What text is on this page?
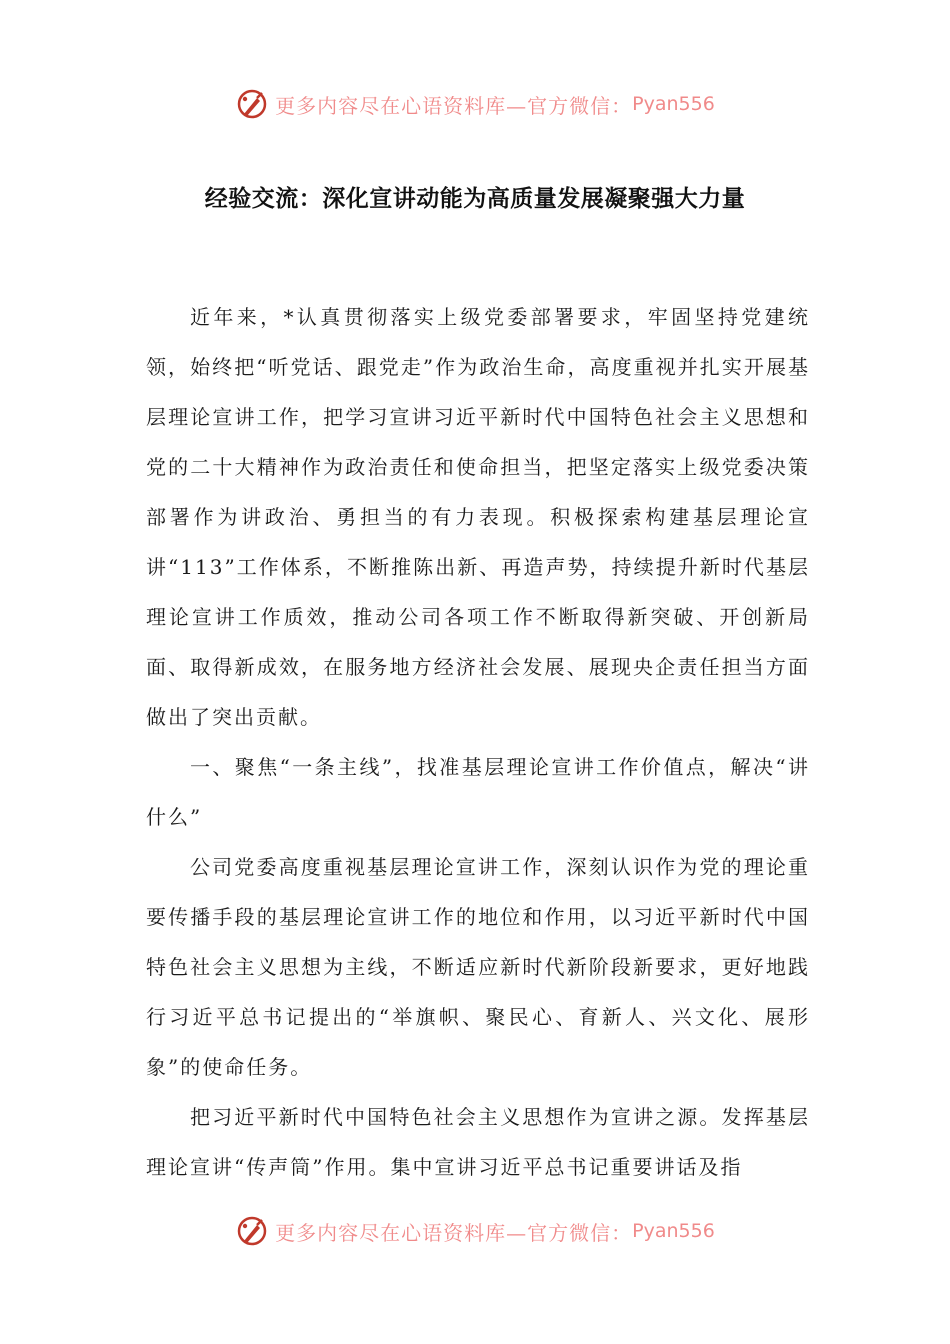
更多内容尽在心语资料库—官方微信： Pyan556
经验交流：深化宣讲动能为高质量发展凝聚强大力量

近年来，*认真贯彻落实上级党委部署要求，牢固坚持党建统领，始终把“听党话、跟党走”作为政治生命，高度重视并扎实开展基层理论宣讲工作，把学习宣讲习近平新时代中国特色社会主义思想和党的二十大精神作为政治责任和使命担当，把坚定落实上级党委决策部署作为讲政治、勇担当的有力表现。积极探索构建基层理论宣讲“113”工作体系，不断推陈出新、再造声势，持续提升新时代基层理论宣讲工作质效，推动公司各项工作不断取得新突破、开创新局面、取得新成效，在服务地方经济社会发展、展现央企责任担当方面做出了突出贡献。

一、聚焦“一条主线”，找准基层理论宣讲工作价值点，解决“讲什么”

公司党委高度重视基层理论宣讲工作，深刻认识作为党的理论重要传播手段的基层理论宣讲工作的地位和作用，以习近平新时代中国特色社会主义思想为主线，不断适应新时代新阶段新要求，更好地践行习近平总书记提出的“举旗帜、聚民心、育新人、兴文化、展形象”的使命任务。

把习近平新时代中国特色社会主义思想作为宣讲之源。发挥基层理论宣讲“传声筒”作用。集中宣讲习近平总书记重要讲话及指

更多内容尽在心语资料库—官方微信： Pyan556
